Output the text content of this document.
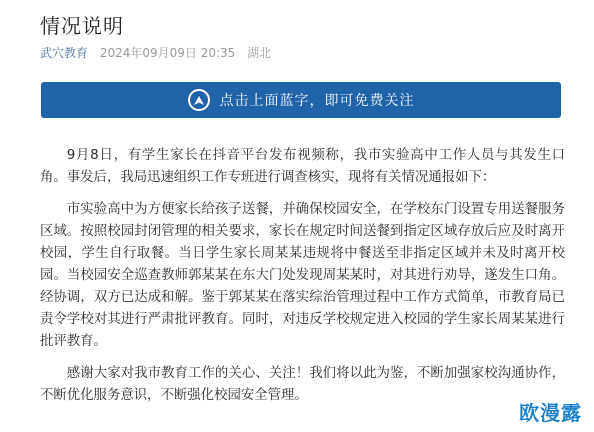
情况说明
武穴教育 2024年09月09日 20:35 湖北
点击上面蓝字，即可免费关注

9月8日，有学生家长在抖音平台发布视频称，我市实验高中工作人员与其发生口角。事发后，我局迅速组织工作专班进行调查核实，现将有关情况通报如下：

市实验高中为方便家长给孩子送餐，并确保校园安全，在学校东门设置专用送餐服务区域。按照校园封闭管理的相关要求，家长在规定时间送餐到指定区域存放后应及时离开校园，学生自行取餐。当日学生家长周某某违规将中餐送至非指定区域并未及时离开校园。当校园安全巡查教师郭某某在东大门处发现周某某时，对其进行劝导，遂发生口角。经协调，双方已达成和解。鉴于郭某某在落实综治管理过程中工作方式简单，市教育局已责令学校对其进行严肃批评教育。同时，对违反学校规定进入校园的学生家长周某某进行批评教育。

感谢大家对我市教育工作的关心、关注！我们将以此为鉴，不断加强家校沟通协作，不断优化服务意识，不断强化校园安全管理。

欧漫露
